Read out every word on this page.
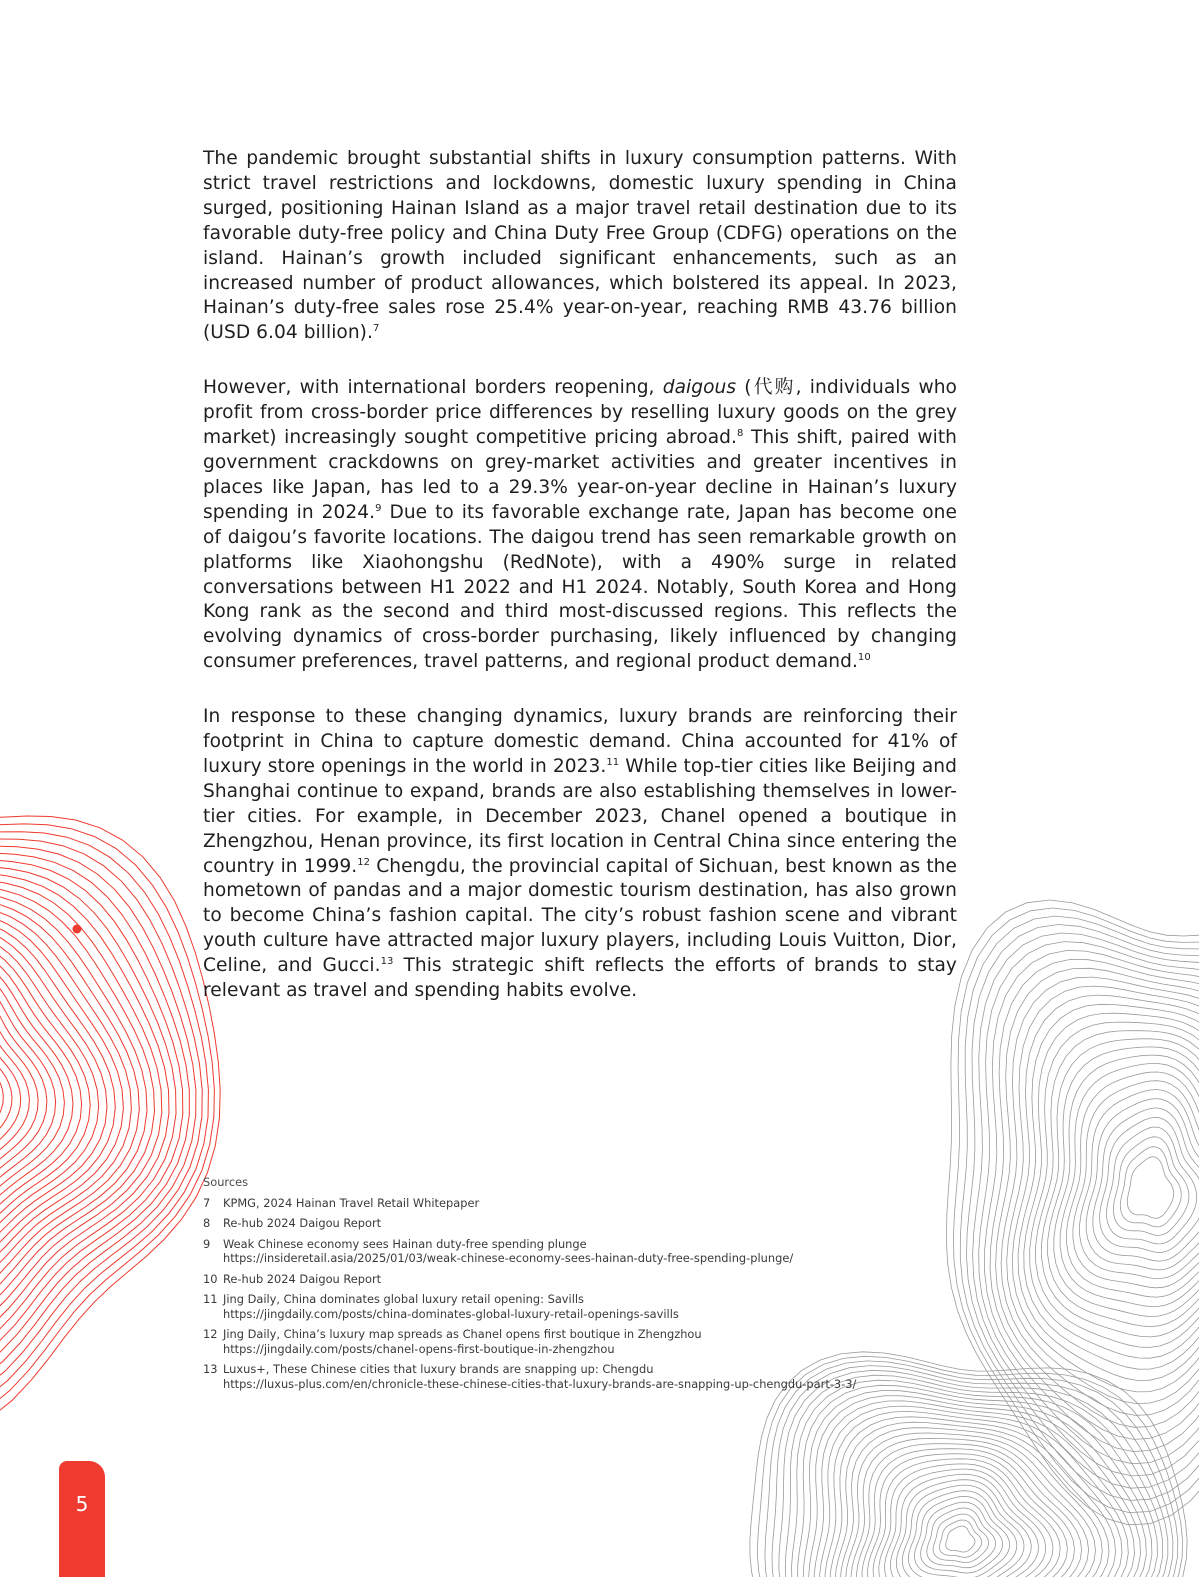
The pandemic brought substantial shifts in luxury consumption patterns. With strict travel restrictions and lockdowns, domestic luxury spending in China surged, positioning Hainan Island as a major travel retail destination due to its favorable duty-free policy and China Duty Free Group (CDFG) operations on the island. Hainan’s growth included significant enhancements, such as an increased number of product allowances, which bolstered its appeal. In 2023, Hainan’s duty-free sales rose 25.4% year-on-year, reaching RMB 43.76 billion (USD 6.04 billion).$^7$

However, with international borders reopening, daigous (代购, individuals who profit from cross-border price differences by reselling luxury goods on the grey market) increasingly sought competitive pricing abroad.$^8$ This shift, paired with government crackdowns on grey-market activities and greater incentives in places like Japan, has led to a 29.3% year-on-year decline in Hainan’s luxury spending in 2024.$^9$ Due to its favorable exchange rate, Japan has become one of daigou’s favorite locations. The daigou trend has seen remarkable growth on platforms like Xiaohongshu (RedNote), with a 490% surge in related conversations between H1 2022 and H1 2024. Notably, South Korea and Hong Kong rank as the second and third most-discussed regions. This reflects the evolving dynamics of cross-border purchasing, likely influenced by changing consumer preferences, travel patterns, and regional product demand.$^{10}$

In response to these changing dynamics, luxury brands are reinforcing their footprint in China to capture domestic demand. China accounted for 41% of luxury store openings in the world in 2023.11 While top-tier cities like Beijing and Shanghai continue to expand, brands are also establishing themselves in lower-tier cities. For example, in December 2023, Chanel opened a boutique in Zhengzhou, Henan province, its first location in Central China since entering the country in 1999.12 Chengdu, the provincial capital of Sichuan, best known as the hometown of pandas and a major domestic tourism destination, has also grown to become China’s fashion capital. The city’s robust fashion scene and vibrant youth culture have attracted major luxury players, including Louis Vuitton, Dior, Celine, and Gucci.$^{13}$ This strategic shift reflects the efforts of brands to stay relevant as travel and spending habits evolve.

Sources
7	KPMG, 2024 Hainan Travel Retail Whitepaper
8	Re-hub 2024 Daigou Report
9	Weak Chinese economy sees Hainan duty-free spending plunge
https://insideretail.asia/2025/01/03/weak-chinese-economy-sees-hainan-duty-free-spending-plunge/
10 Re-hub 2024 Daigou Report
11 Jing Daily, China dominates global luxury retail opening: Savills
https://jingdaily.com/posts/china-dominates-global-luxury-retail-openings-savills
12 Jing Daily, China’s luxury map spreads as Chanel opens first boutique in Zhengzhou
https://jingdaily.com/posts/chanel-opens-first-boutique-in-zhengzhou
13 Luxus+, These Chinese cities that luxury brands are snapping up: Chengdu
https://luxus-plus.com/en/chronicle-these-chinese-cities-that-luxury-brands-are-snapping-up-chengdu-part-3-3/
5
